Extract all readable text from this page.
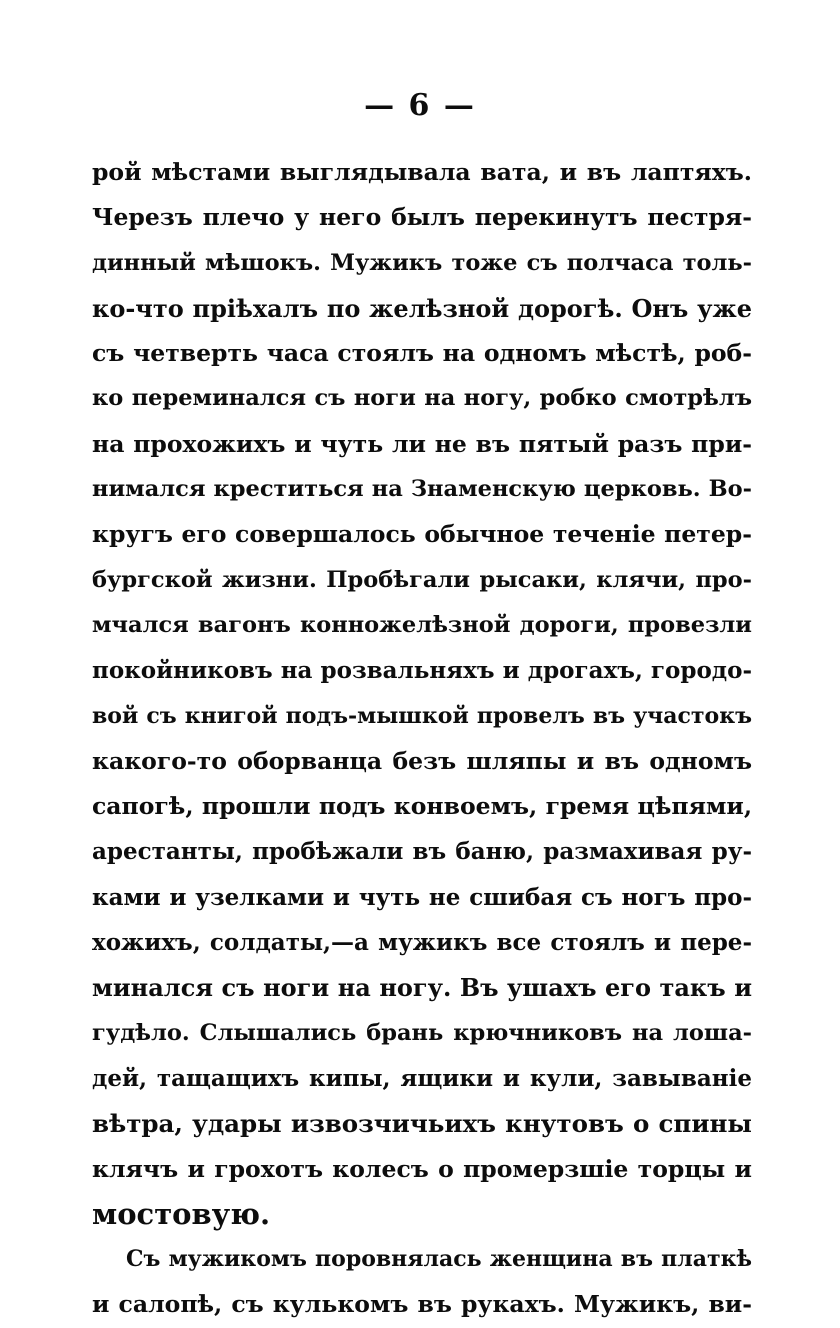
— 6 —
рой мѣстами выглядывала вата, и въ лаптяхъ.
Черезъ плечо у него былъ перекинутъ пестря-
динный мѣшокъ. Мужикъ тоже съ полчаса толь-
ко-что пріѣхалъ по желѣзной дорогѣ. Онъ уже
съ четверть часа стоялъ на одномъ мѣстѣ, роб-
ко переминался съ ноги на ногу, робко смотрѣлъ
на прохожихъ и чуть ли не въ пятый разъ при-
нимался креститься на Знаменскую церковь. Во-
кругъ его совершалось обычное теченіе петер-
бургской жизни. Пробѣгали рысаки, клячи, про-
мчался вагонъ конножелѣзной дороги, провезли
покойниковъ на розвальняхъ и дрогахъ, городо-
вой съ книгой подъ-мышкой провелъ въ участокъ
какого-то оборванца безъ шляпы и въ одномъ
сапогѣ, прошли подъ конвоемъ, гремя цѣпями,
арестанты, пробѣжали въ баню, размахивая ру-
ками и узелками и чуть не сшибая съ ногъ про-
хожихъ, солдаты,—а мужикъ все стоялъ и пере-
минался съ ноги на ногу. Въ ушахъ его такъ и
гудѣло. Слышались брань крючниковъ на лоша-
дей, тащащихъ кипы, ящики и кули, завываніе
вѣтра, удары извозчичьихъ кнутовъ о спины
клячъ и грохотъ колесъ о промерзшіе торцы и
мостовую.
Съ мужикомъ поровнялась женщина въ платкѣ
и салопѣ, съ кулькомъ въ рукахъ. Мужикъ, ви-
